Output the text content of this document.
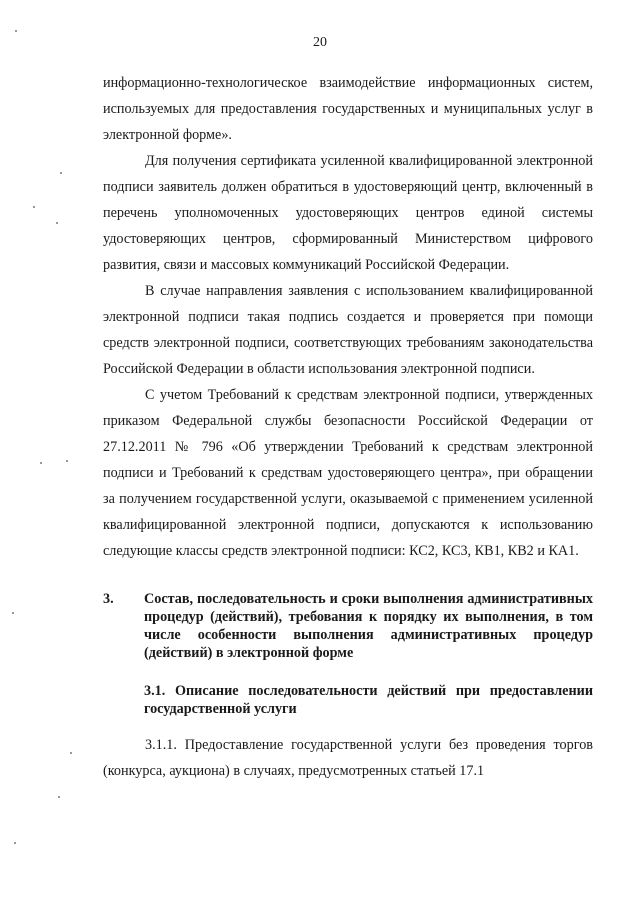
20

информационно-технологическое взаимодействие информационных систем, используемых для предоставления государственных и муниципальных услуг в электронной форме».

Для получения сертификата усиленной квалифицированной электронной подписи заявитель должен обратиться в удостоверяющий центр, включенный в перечень уполномоченных удостоверяющих центров единой системы удостоверяющих центров, сформированный Министерством цифрового развития, связи и массовых коммуникаций Российской Федерации.

В случае направления заявления с использованием квалифицированной электронной подписи такая подпись создается и проверяется при помощи средств электронной подписи, соответствующих требованиям законодательства Российской Федерации в области использования электронной подписи.

С учетом Требований к средствам электронной подписи, утвержденных приказом Федеральной службы безопасности Российской Федерации от 27.12.2011 № 796 «Об утверждении Требований к средствам электронной подписи и Требований к средствам удостоверяющего центра», при обращении за получением государственной услуги, оказываемой с применением усиленной квалифицированной электронной подписи, допускаются к использованию следующие классы средств электронной подписи: КС2, КС3, КВ1, КВ2 и КА1.

3. Состав, последовательность и сроки выполнения административных процедур (действий), требования к порядку их выполнения, в том числе особенности выполнения административных процедур (действий) в электронной форме
3.1. Описание последовательности действий при предоставлении государственной услуги

3.1.1. Предоставление государственной услуги без проведения торгов (конкурса, аукциона) в случаях, предусмотренных статьей 17.1
